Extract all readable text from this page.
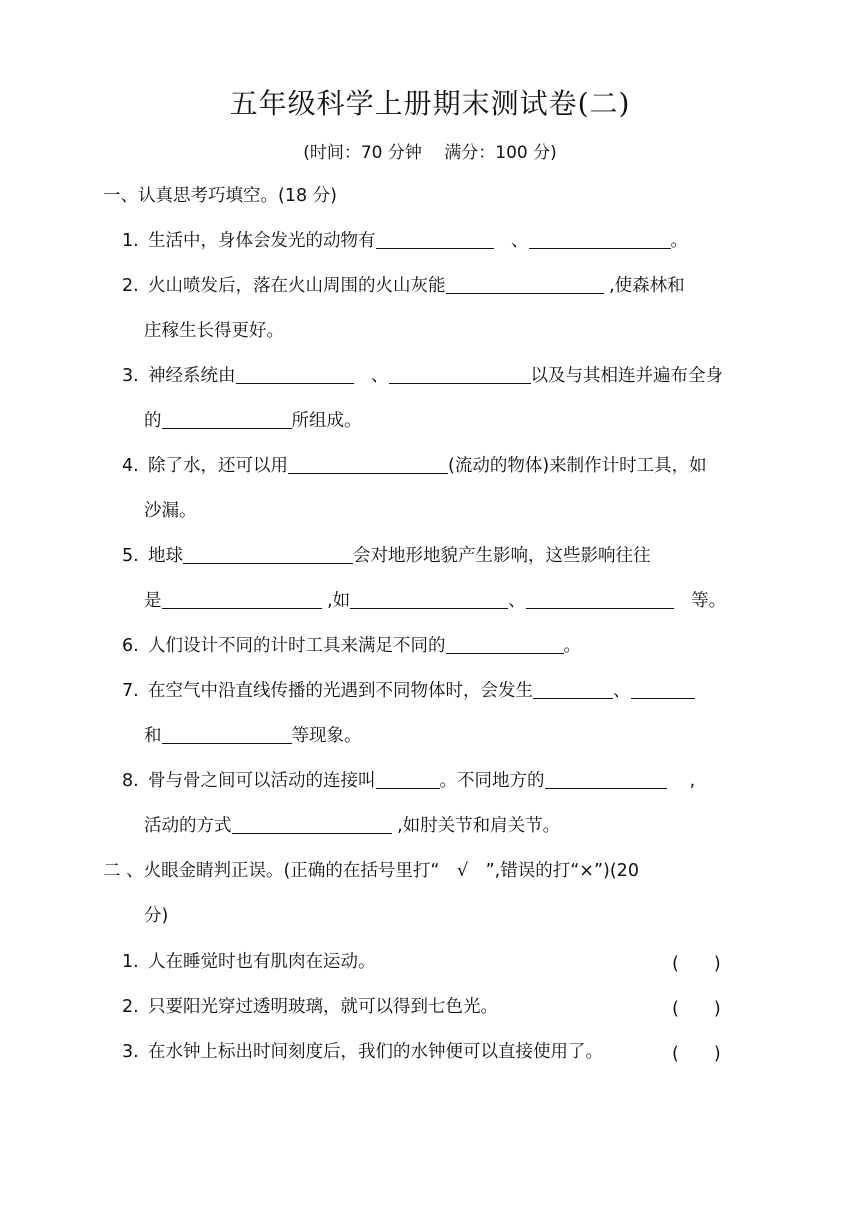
五年级科学上册期末测试卷(二)
(时间：70 分钟　 满分：100 分)
一、认真思考巧填空。(18 分)
1. 生活中，身体会发光的动物有	　、	。
2. 火山喷发后，落在火山周围的火山灰能	,使森林和
庄稼生长得更好。
3. 神经系统由	　、	以及与其相连并遍布全身
的	所组成。
4. 除了水，还可以用	(流动的物体)来制作计时工具，如
沙漏。
5. 地球	会对地形地貌产生影响，这些影响往往
是	,如	、	　等。
6. 人们设计不同的计时工具来满足不同的	。
7. 在空气中沿直线传播的光遇到不同物体时，会发生	、
和	等现象。
8. 骨与骨之间可以活动的连接叫	。不同地方的	　 ,
活动的方式	,如肘关节和肩关节。
二 、火眼金睛判正误。(正确的在括号里打“　√　”,错误的打“×”)(20
分)
1. 人在睡觉时也有肌肉在运动。	(　　)
2. 只要阳光穿过透明玻璃，就可以得到七色光。	(　　)
3. 在水钟上标出时间刻度后，我们的水钟便可以直接使用了。	(　　)
